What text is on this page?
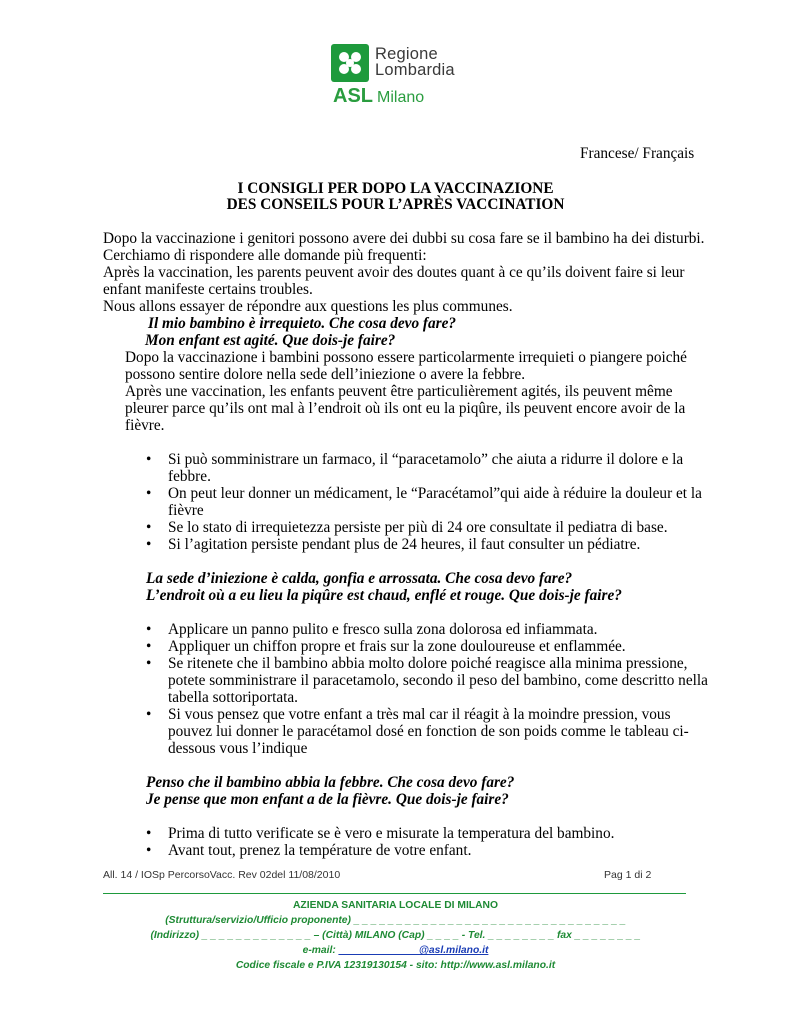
Regione
Lombardia
ASL Milano
Francese/ Français
I CONSIGLI PER DOPO LA VACCINAZIONE
DES CONSEILS POUR L’APRÈS VACCINATION
Dopo la vaccinazione i genitori possono avere dei dubbi su cosa fare se il bambino ha dei disturbi.
Cerchiamo di rispondere alle domande più frequenti:
Après la vaccination, les parents peuvent avoir des doutes quant à ce qu’ils doivent faire si leur
enfant manifeste certains troubles.
Nous allons essayer de répondre aux questions les plus communes.
Il mio bambino è irrequieto. Che cosa devo fare?
Mon enfant est agité. Que dois-je faire?
Dopo la vaccinazione i bambini possono essere particolarmente irrequieti o piangere poiché
possono sentire dolore nella sede dell’iniezione o avere la febbre.
Après une vaccination, les enfants peuvent être particulièrement agités, ils peuvent même
pleurer parce qu’ils ont mal à l’endroit où ils ont eu la piqûre, ils peuvent encore avoir de la
fièvre.
• Si può somministrare un farmaco, il “paracetamolo” che aiuta a ridurre il dolore e la
febbre.
• On peut leur donner un médicament, le “Paracétamol”qui aide à réduire la douleur et la
fièvre
• Se lo stato di irrequietezza persiste per più di 24 ore consultate il pediatra di base.
• Si l’agitation persiste pendant plus de 24 heures, il faut consulter un pédiatre.
La sede d’iniezione è calda, gonfia e arrossata. Che cosa devo fare?
L’endroit où a eu lieu la piqûre est chaud, enflé et rouge. Que dois-je faire?
• Applicare un panno pulito e fresco sulla zona dolorosa ed infiammata.
• Appliquer un chiffon propre et frais sur la zone douloureuse et enflammée.
• Se ritenete che il bambino abbia molto dolore poiché reagisce alla minima pressione,
potete somministrare il paracetamolo, secondo il peso del bambino, come descritto nella
tabella sottoriportata.
• Si vous pensez que votre enfant a très mal car il réagit à la moindre pression, vous
pouvez lui donner le paracétamol dosé en fonction de son poids comme le tableau ci-
dessous vous l’indique
Penso che il bambino abbia la febbre. Che cosa devo fare?
Je pense que mon enfant a de la fièvre. Que dois-je faire?
• Prima di tutto verificate se è vero e misurate la temperatura del bambino.
• Avant tout, prenez la température de votre enfant.
All. 14 / IOSp PercorsoVacc. Rev 02del 11/08/2010	Pag 1 di 2
AZIENDA SANITARIA LOCALE DI MILANO
(Struttura/servizio/Ufficio proponente) _ _ _ _ _ _ _ _ _ _ _ _ _ _ _ _ _ _ _ _ _ _ _ _ _ _ _ _ _ _ _ _
(Indirizzo) _ _ _ _ _ _ _ _ _ _ _ _ _ – (Città) MILANO (Cap) _ _ _ _ - Tel. _ _ _ _ _ _ _ _ fax _ _ _ _ _ _ _ _
e-mail: ______________@asl.milano.it
Codice fiscale e P.IVA 12319130154 - sito: http://www.asl.milano.it
